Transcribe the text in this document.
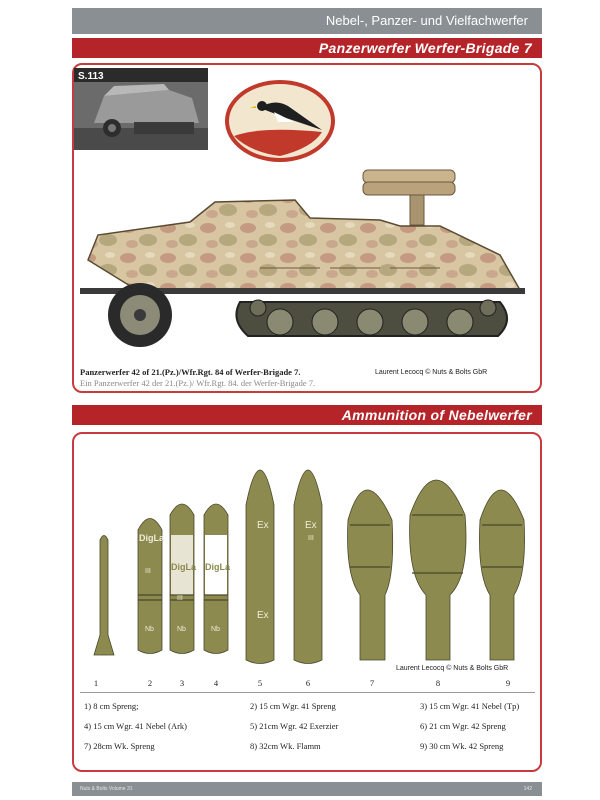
Nebel-, Panzer- und Vielfachwerfer
Panzerwerfer Werfer-Brigade 7
S.113
Panzerwerfer 42 of 21.(Pz.)/Wfr.Rgt. 84 of Werfer-Brigade 7.
Ein Panzerwerfer 42 der 21.(Pz.)/ Wfr.Rgt. 84. der Werfer-Brigade 7.
Laurent Lecocq © Nuts & Bolts GbR
Ammunition of Nebelwerfer
DigLa
III
Nb
DigLa
III
Nb
DigLa
Nb
Ex
Ex
Ex
III
Laurent Lecocq © Nuts & Bolts GbR
1	2	3	4	5	6	7	8	9
1) 8 cm Spreng;	2) 15 cm Wgr. 41 Spreng	3) 15 cm Wgr. 41 Nebel (Tp)
4) 15 cm Wgr. 41 Nebel (Ark)	5) 21cm Wgr. 42 Exerzier	6) 21 cm Wgr. 42 Spreng
7) 28cm Wk. Spreng	8) 32cm Wk. Flamm	9) 30 cm Wk. 42 Spreng
Nuts & Bolts Volume 31	142
